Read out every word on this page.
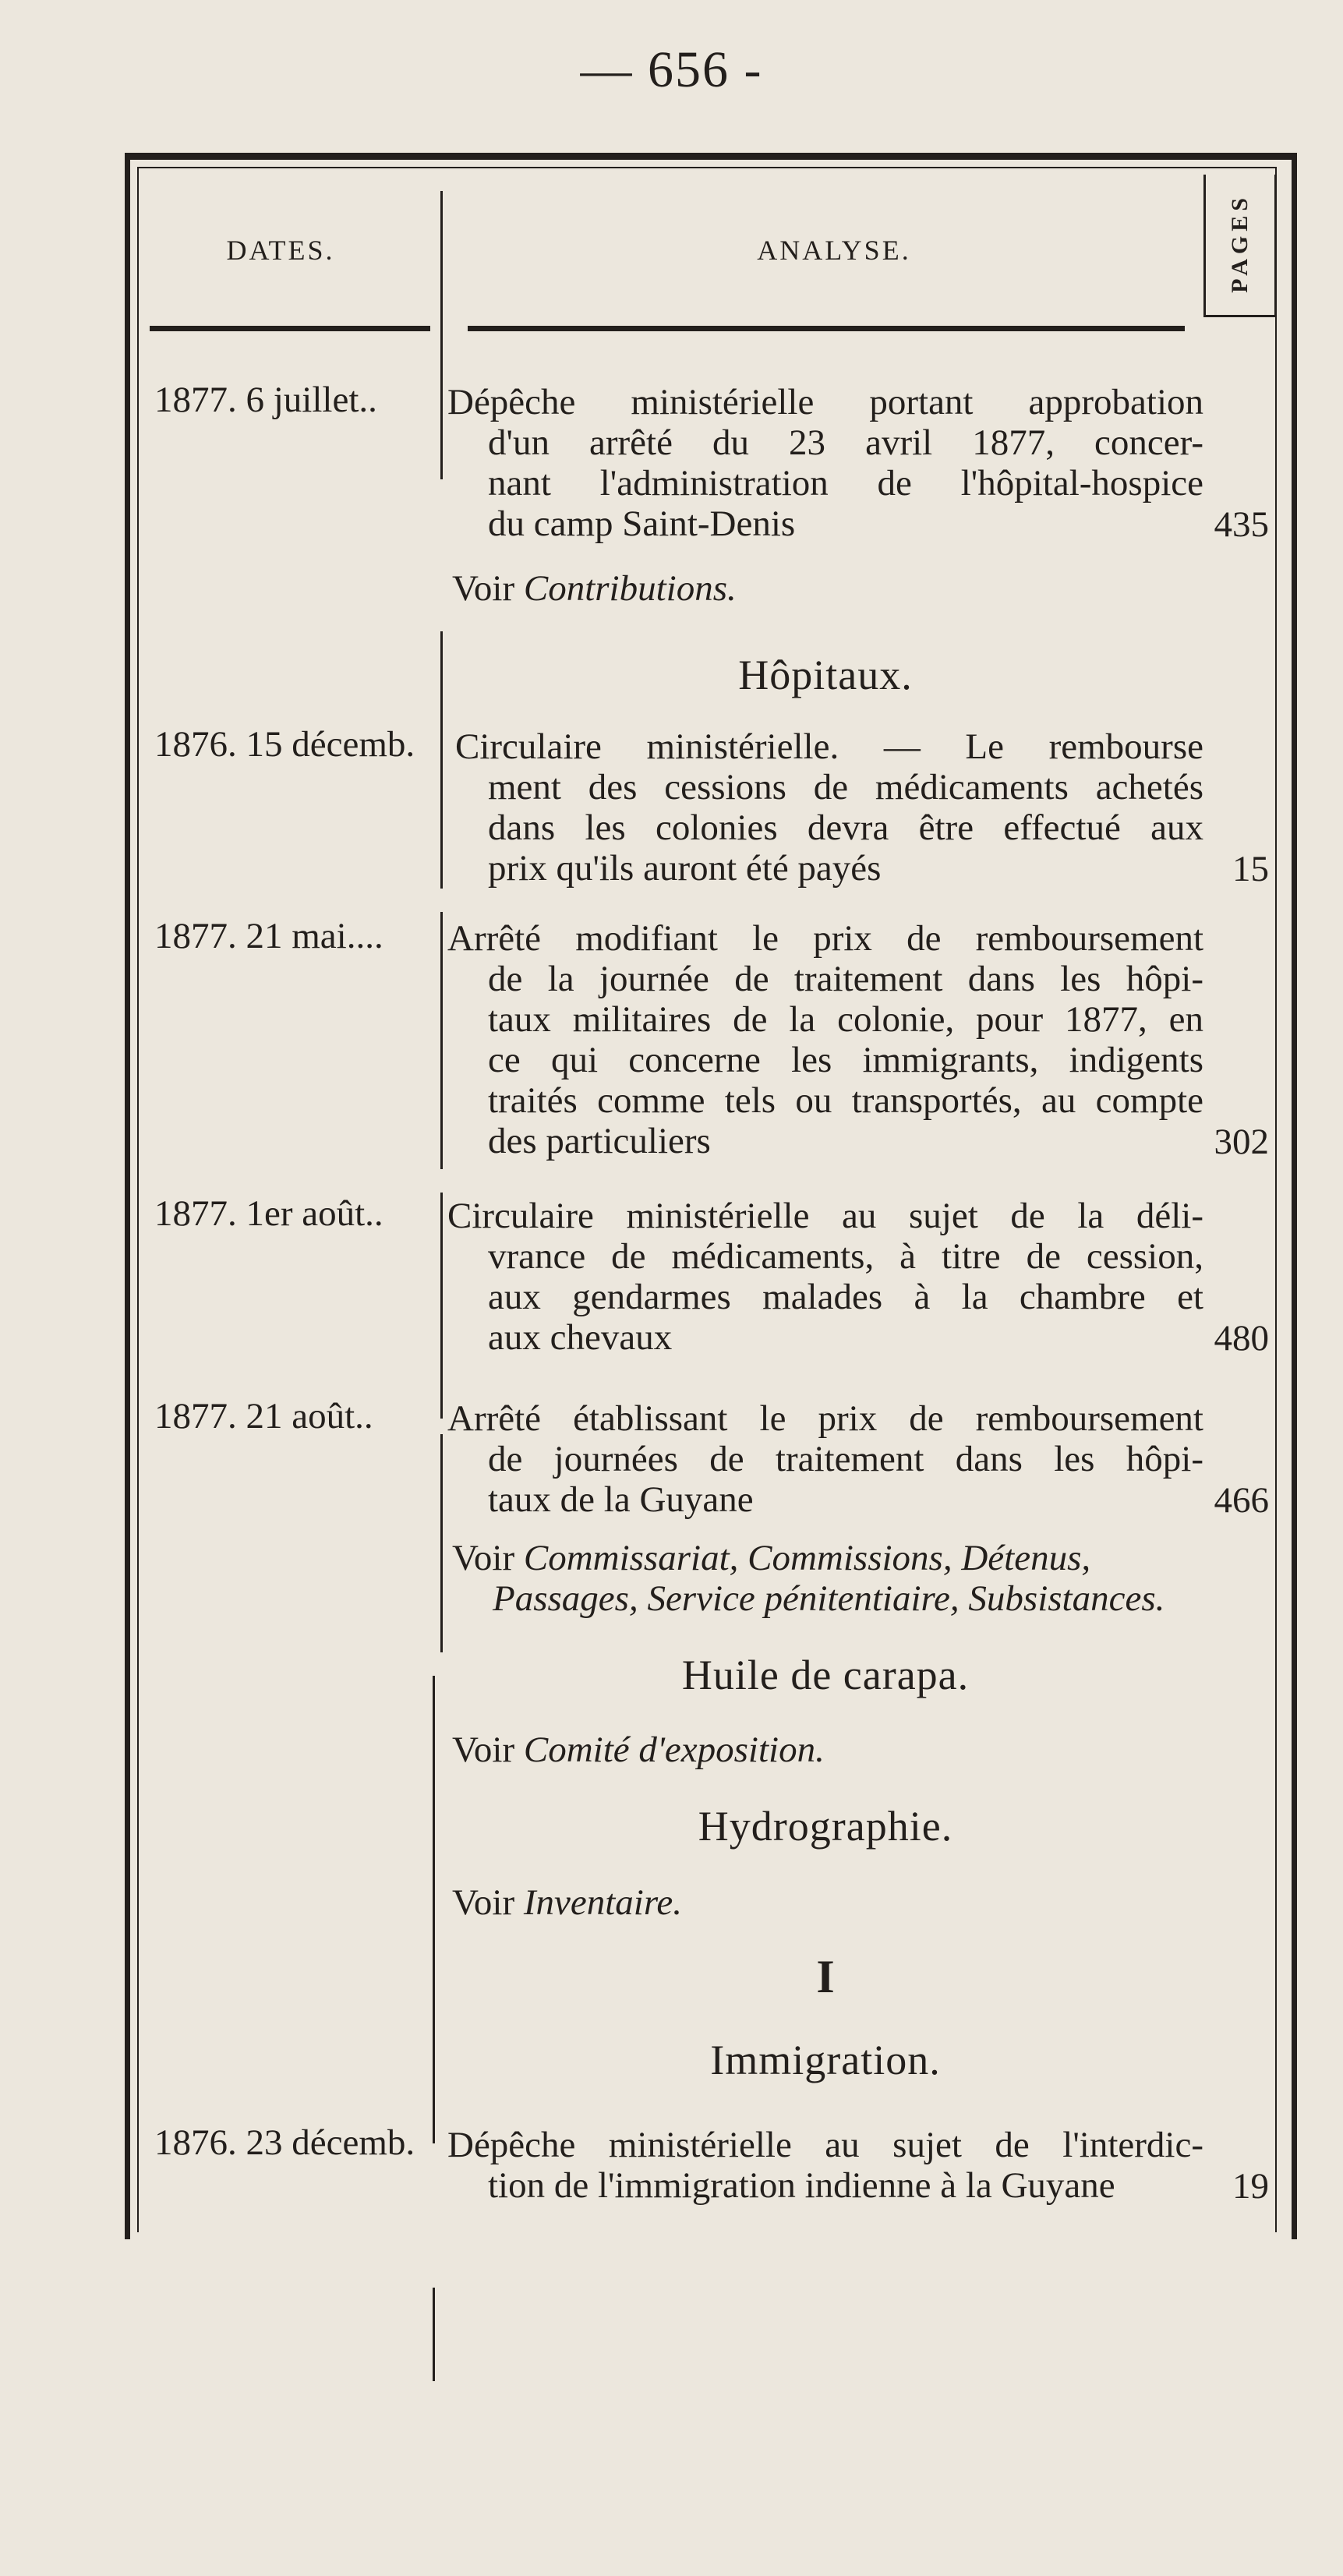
— 656 -
DATES.	ANALYSE.	PAGES
1877. 6 juillet..	Dépêche ministérielle portant approbation
d'un arrêté du 23 avril 1877, concer-
nant l'administration de l'hôpital-hospice
du camp Saint-Denis	435
Voir Contributions.
Hôpitaux.
1876. 15 décemb.	Circulaire ministérielle. — Le rembourse
ment des cessions de médicaments achetés
dans les colonies devra être effectué aux
prix qu'ils auront été payés	15
1877. 21 mai....	Arrêté modifiant le prix de remboursement
de la journée de traitement dans les hôpi-
taux militaires de la colonie, pour 1877, en
ce qui concerne les immigrants, indigents
traités comme tels ou transportés, au compte
des particuliers	302
1877. 1er août..	Circulaire ministérielle au sujet de la déli-
vrance de médicaments, à titre de cession,
aux gendarmes malades à la chambre et
aux chevaux	480
1877. 21 août..	Arrêté établissant le prix de remboursement
de journées de traitement dans les hôpi-
taux de la Guyane	466
Voir Commissariat, Commissions, Détenus,
Passages, Service pénitentiaire, Subsistances.
Huile de carapa.
Voir Comité d'exposition.
Hydrographie.
Voir Inventaire.
I
Immigration.
1876. 23 décemb. Dépêche ministérielle au sujet de l'interdic-
tion de l'immigration indienne à la Guyane	19
